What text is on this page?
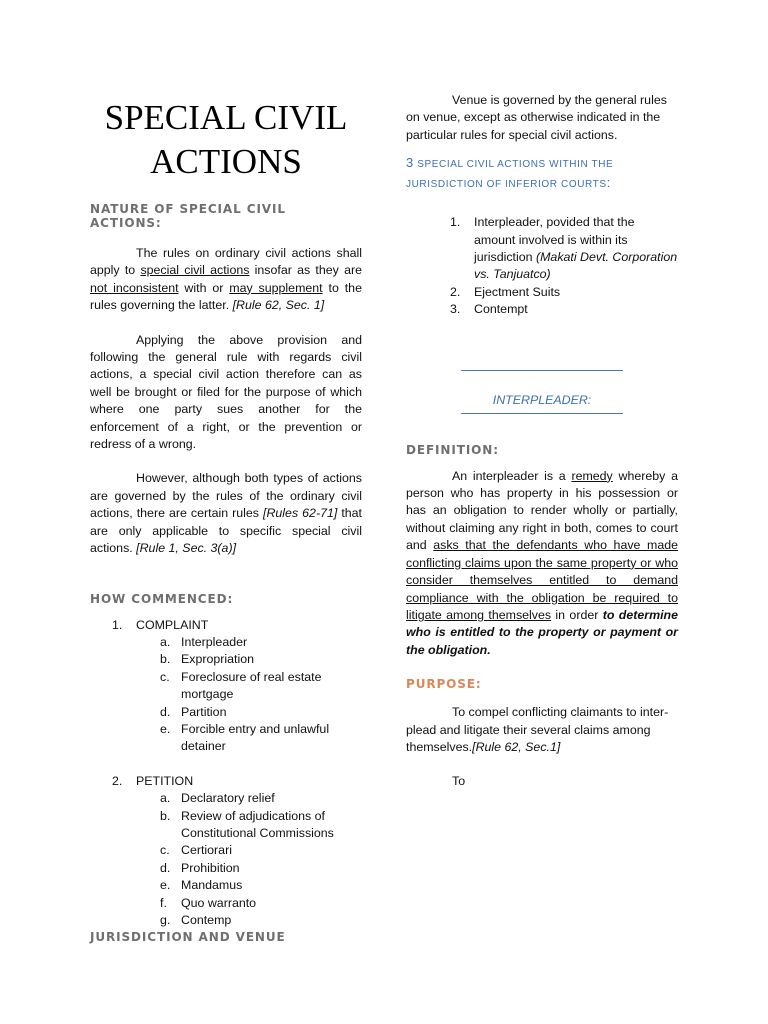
SPECIAL CIVIL ACTIONS
NATURE OF SPECIAL CIVIL ACTIONS:

The rules on ordinary civil actions shall apply to special civil actions insofar as they are not inconsistent with or may supplement to the rules governing the latter. [Rule 62, Sec. 1]

Applying the above provision and following the general rule with regards civil actions, a special civil action therefore can as well be brought or filed for the purpose of which where one party sues another for the enforcement of a right, or the prevention or redress of a wrong.

However, although both types of actions are governed by the rules of the ordinary civil actions, there are certain rules [Rules 62-71] that are only applicable to specific special civil actions. [Rule 1, Sec. 3(a)]

HOW COMMENCED:
1. COMPLAINT
a. Interpleader
b. Expropriation
c. Foreclosure of real estate mortgage
d. Partition
e. Forcible entry and unlawful detainer
2. PETITION
a. Declaratory relief
b. Review of adjudications of Constitutional Commissions
c. Certiorari
d. Prohibition
e. Mandamus
f. Quo warranto
g. Contemp
JURISDICTION AND VENUE

Venue is governed by the general rules on venue, except as otherwise indicated in the particular rules for special civil actions.

3 SPECIAL CIVIL ACTIONS WITHIN THE JURISDICTION OF INFERIOR COURTS:

1. Interpleader, povided that the amount involved is within its jurisdiction (Makati Devt. Corporation vs. Tanjuatco)
2. Ejectment Suits
3. Contempt
INTERPLEADER:
DEFINITION:

An interpleader is a remedy whereby a person who has property in his possession or has an obligation to render wholly or partially, without claiming any right in both, comes to court and asks that the defendants who have made conflicting claims upon the same property or who consider themselves entitled to demand compliance with the obligation be required to litigate among themselves in order to determine who is entitled to the property or payment or the obligation.

PURPOSE:

To compel conflicting claimants to inter-plead and litigate their several claims among themselves.[Rule 62, Sec.1]

To
